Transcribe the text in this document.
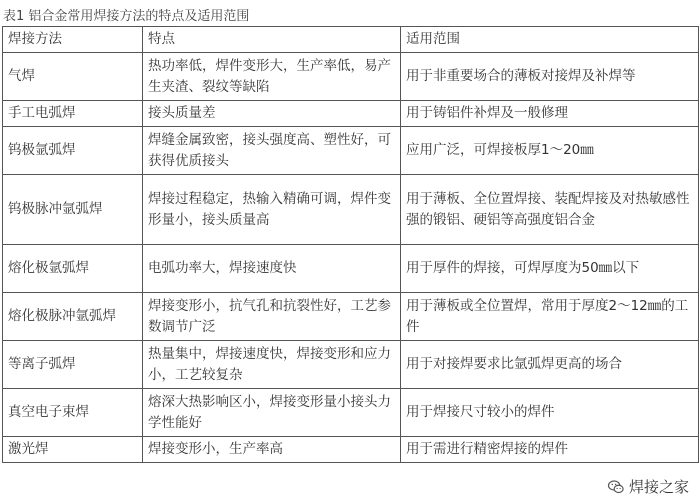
表1 铝合金常用焊接方法的特点及适用范围
焊接方法	特点	适用范围
气焊	热功率低，焊件变形大，生产率低，易产生夹渣、裂纹等缺陷	用于非重要场合的薄板对接焊及补焊等
手工电弧焊	接头质量差	用于铸铝件补焊及一般修理
钨极氩弧焊	焊缝金属致密，接头强度高、塑性好，可获得优质接头	应用广泛，可焊接板厚1～20㎜
钨极脉冲氩弧焊	焊接过程稳定，热输入精确可调，焊件变形量小，接头质量高	用于薄板、全位置焊接、装配焊接及对热敏感性强的锻铝、硬铝等高强度铝合金
熔化极氩弧焊	电弧功率大，焊接速度快	用于厚件的焊接，可焊厚度为50㎜以下
熔化极脉冲氩弧焊	焊接变形小，抗气孔和抗裂性好，工艺参数调节广泛	用于薄板或全位置焊，常用于厚度2～12㎜的工件
等离子弧焊	热量集中，焊接速度快，焊接变形和应力小，工艺较复杂	用于对接焊要求比氩弧焊更高的场合
真空电子束焊	熔深大热影响区小，焊接变形量小接头力学性能好	用于焊接尺寸较小的焊件
激光焊	焊接变形小，生产率高	用于需进行精密焊接的焊件
焊接之家
